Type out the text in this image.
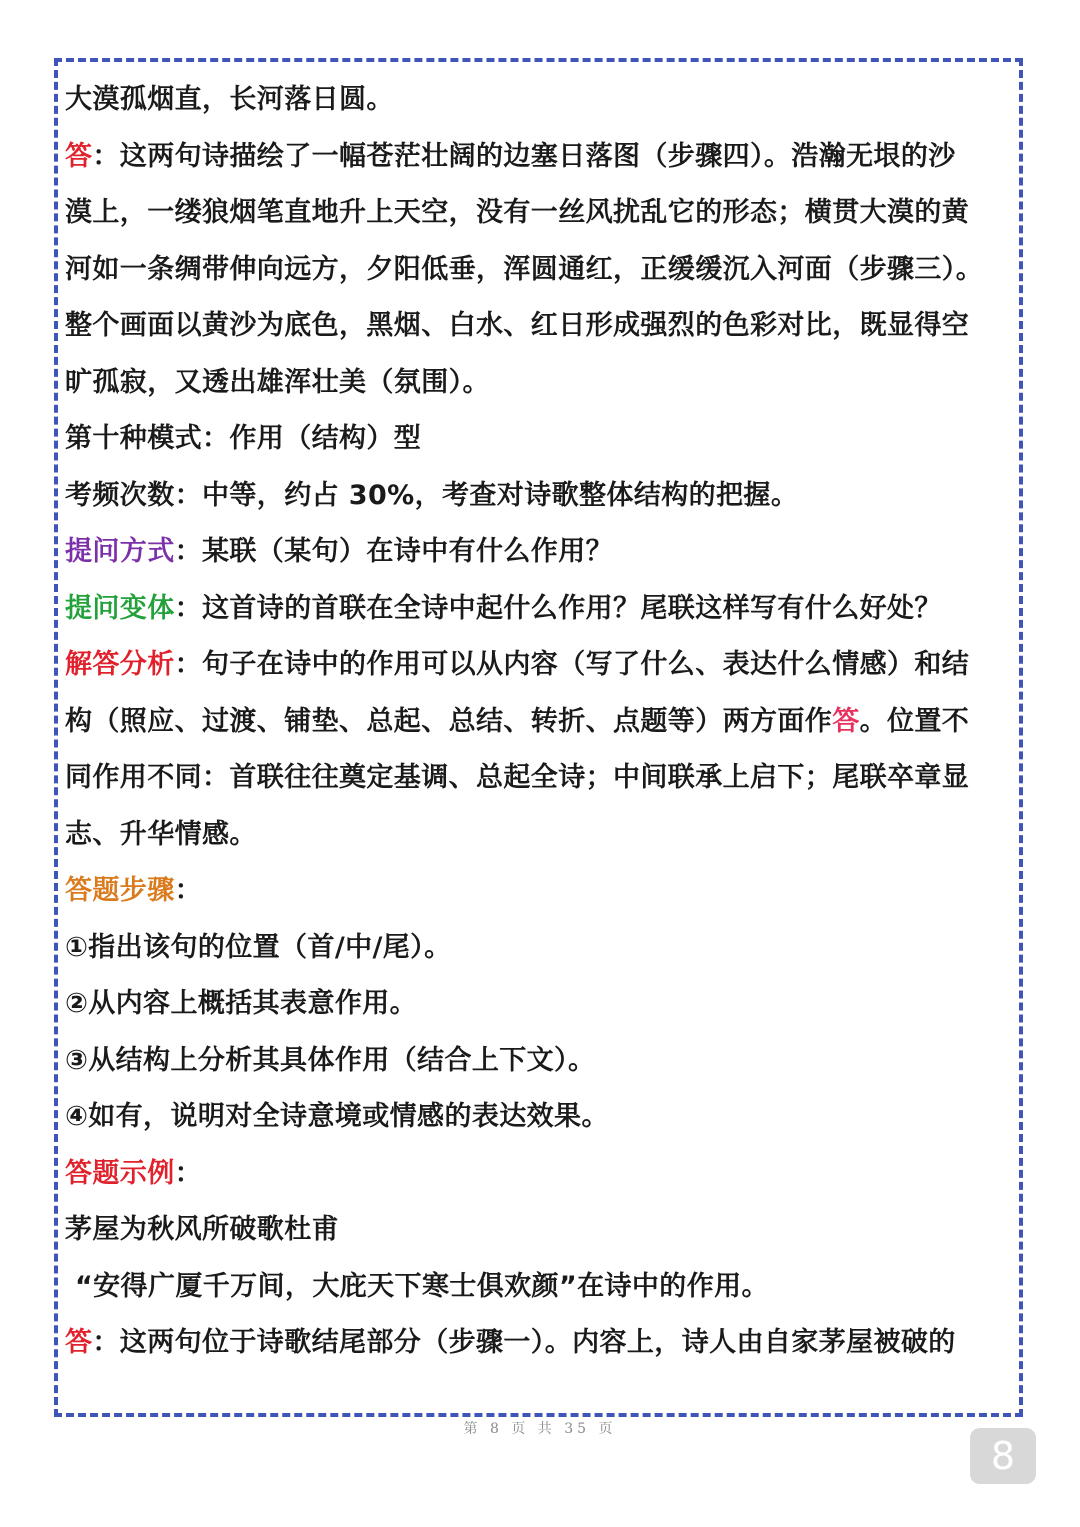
大漠孤烟直，长河落日圆。

答：这两句诗描绘了一幅苍茫壮阔的边塞日落图（步骤四）。浩瀚无垠的沙

漠上，一缕狼烟笔直地升上天空，没有一丝风扰乱它的形态；横贯大漠的黄

河如一条绸带伸向远方，夕阳低垂，浑圆通红，正缓缓沉入河面（步骤三）。

整个画面以黄沙为底色，黑烟、白水、红日形成强烈的色彩对比，既显得空

旷孤寂，又透出雄浑壮美（氛围）。

第十种模式：作用（结构）型

考频次数：中等，约占 30%，考查对诗歌整体结构的把握。

提问方式：某联（某句）在诗中有什么作用？

提问变体：这首诗的首联在全诗中起什么作用？尾联这样写有什么好处？

解答分析：句子在诗中的作用可以从内容（写了什么、表达什么情感）和结

构（照应、过渡、铺垫、总起、总结、转折、点题等）两方面作答。位置不

同作用不同：首联往往奠定基调、总起全诗；中间联承上启下；尾联卒章显

志、升华情感。

答题步骤：

①指出该句的位置（首/中/尾）。

②从内容上概括其表意作用。

③从结构上分析其具体作用（结合上下文）。

④如有，说明对全诗意境或情感的表达效果。

答题示例：

茅屋为秋风所破歌杜甫

“安得广厦千万间，大庇天下寒士俱欢颜”在诗中的作用。

答：这两句位于诗歌结尾部分（步骤一）。内容上，诗人由自家茅屋被破的

第 8 页 共 35 页
8
